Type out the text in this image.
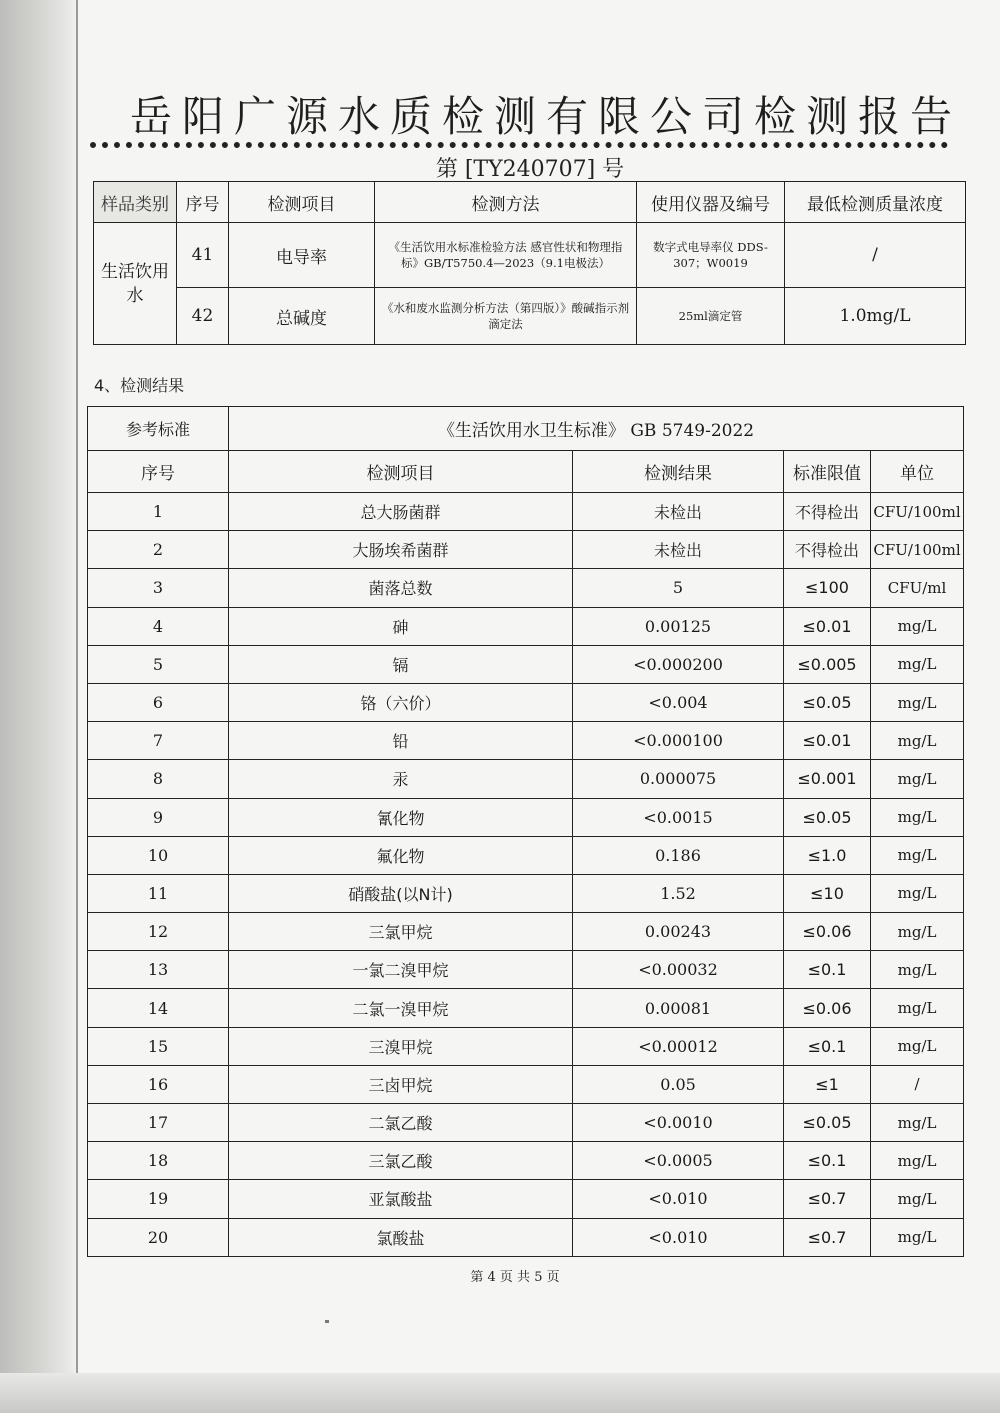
岳阳广源水质检测有限公司检测报告
第 [TY240707] 号
样品类别	序号	检测项目	检测方法	使用仪器及编号	最低检测质量浓度
生活饮用水	41	电导率	《生活饮用水标准检验方法 感官性状和物理指标》GB/T5750.4—2023（9.1电极法）	数字式电导率仪 DDS-307；W0019	/
	42	总碱度	《水和废水监测分析方法（第四版）》酸碱指示剂滴定法	25ml滴定管	1.0mg/L
4、检测结果
参考标准	《生活饮用水卫生标准》 GB 5749-2022			
序号	检测项目	检测结果	标准限值	单位
1	总大肠菌群	未检出	不得检出	CFU/100ml
2	大肠埃希菌群	未检出	不得检出	CFU/100ml
3	菌落总数	5	≤100	CFU/ml
4	砷	0.00125	≤0.01	mg/L
5	镉	<0.000200	≤0.005	mg/L
6	铬（六价）	<0.004	≤0.05	mg/L
7	铅	<0.000100	≤0.01	mg/L
8	汞	0.000075	≤0.001	mg/L
9	氰化物	<0.0015	≤0.05	mg/L
10	氟化物	0.186	≤1.0	mg/L
11	硝酸盐(以N计)	1.52	≤10	mg/L
12	三氯甲烷	0.00243	≤0.06	mg/L
13	一氯二溴甲烷	<0.00032	≤0.1	mg/L
14	二氯一溴甲烷	0.00081	≤0.06	mg/L
15	三溴甲烷	<0.00012	≤0.1	mg/L
16	三卤甲烷	0.05	≤1	/
17	二氯乙酸	<0.0010	≤0.05	mg/L
18	三氯乙酸	<0.0005	≤0.1	mg/L
19	亚氯酸盐	<0.010	≤0.7	mg/L
20	氯酸盐	<0.010	≤0.7	mg/L
第 4 页 共 5 页
